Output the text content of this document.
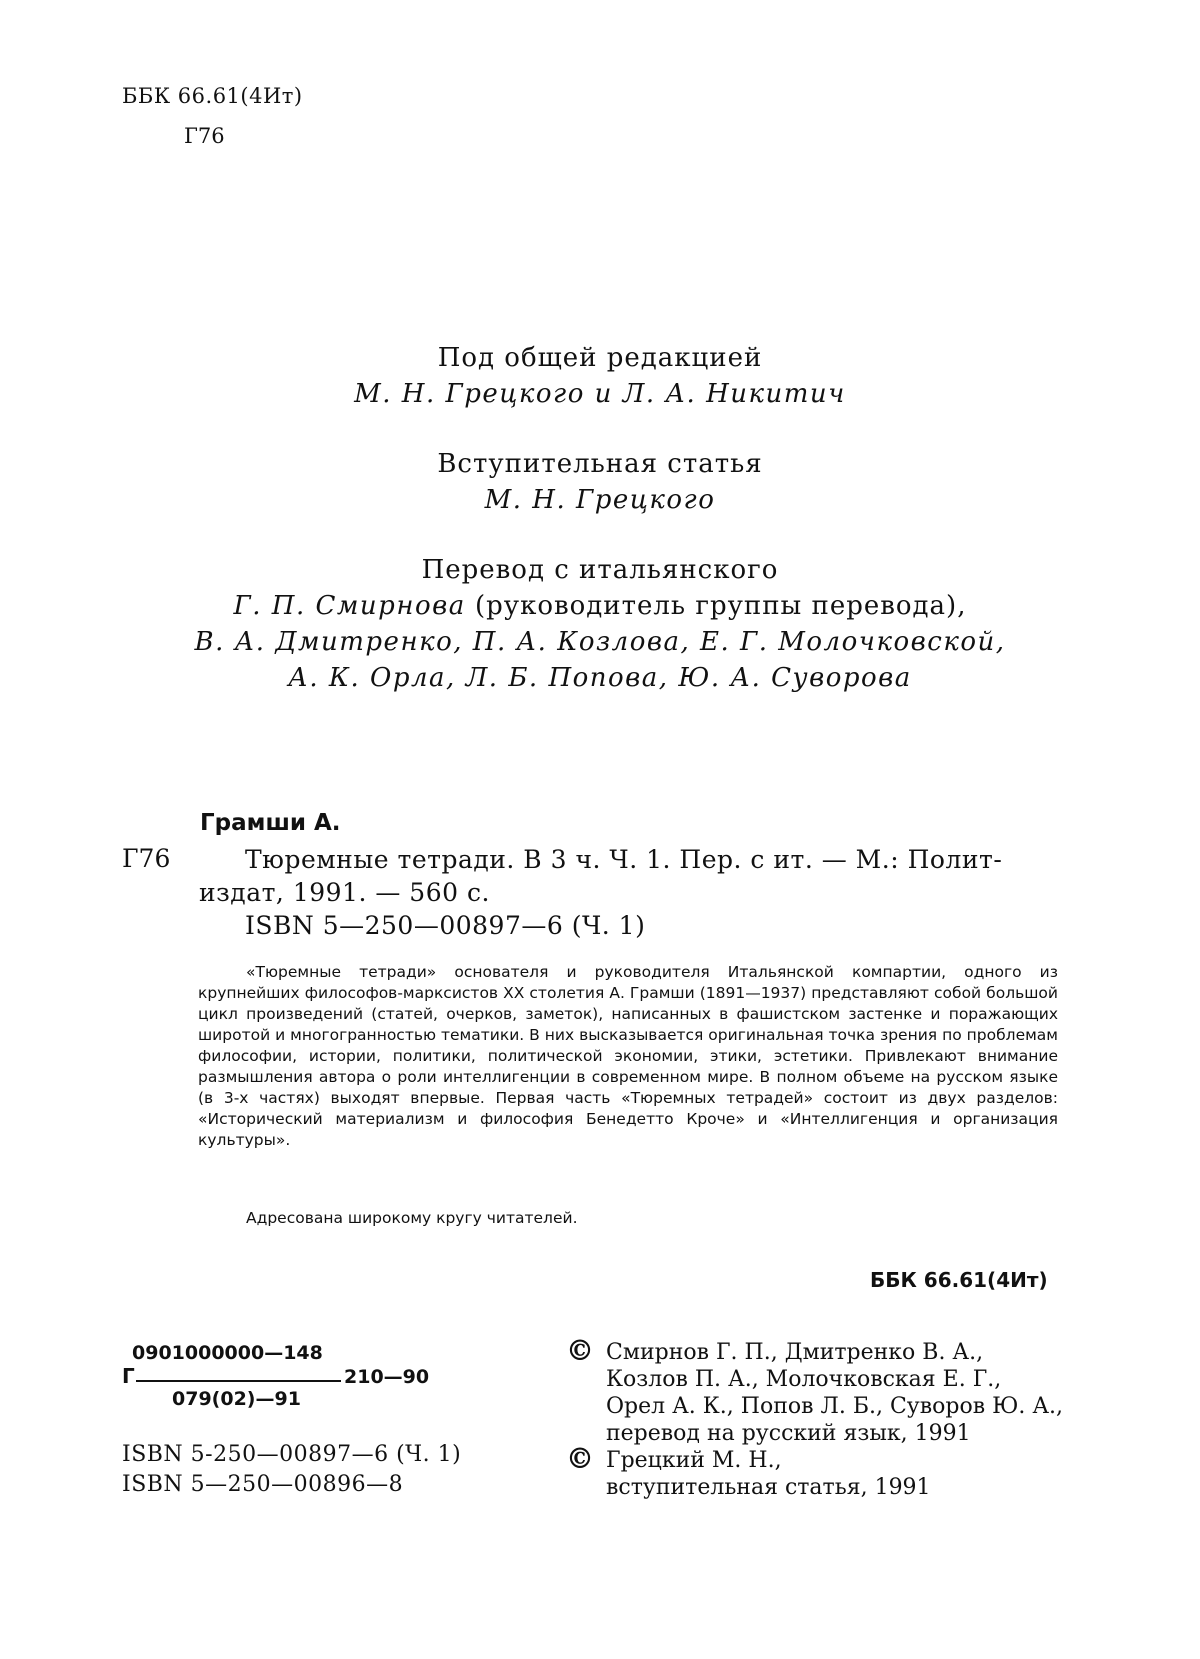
ББК 66.61(4Ит)
Г76
Под общей редакцией
М. Н. Грецкого и Л. А. Никитич
Вступительная статья
М. Н. Грецкого
Перевод с итальянского
Г. П. Смирнова (руководитель группы перевода),
В. А. Дмитренко, П. А. Козлова, Е. Г. Молочковской,
А. К. Орла, Л. Б. Попова, Ю. А. Суворова
Грамши А.
Г76	Тюремные тетради. В 3 ч. Ч. 1. Пер. с ит. — М.: Полит-
издат, 1991. — 560 с.
ISBN 5—250—00897—6 (Ч. 1)

«Тюремные тетради» основателя и руководителя Итальянской компартии, одного из крупнейших философов-марксистов XX столетия А. Грамши (1891—1937) представляют собой большой цикл произведений (статей, очерков, заметок), написанных в фашистском застенке и поражающих широтой и многогранностью тематики. В них высказывается оригинальная точка зрения по проблемам философии, истории, политики, политической экономии, этики, эстетики. Привлекают внимание размышления автора о роли интеллигенции в современном мире. В полном объеме на русском языке (в 3-х частях) выходят впервые. Первая часть «Тюремных тетрадей» состоит из двух разделов: «Исторический материализм и философия Бенедетто Кроче» и «Интеллигенция и организация культуры».

Адресована широкому кругу читателей.
ББК 66.61(4Ит)
0901000000—148
Г	210—90
079(02)—91
ISBN 5-250—00897—6 (Ч. 1)
ISBN 5—250—00896—8
© Смирнов Г. П., Дмитренко В. А.,
Козлов П. А., Молочковская Е. Г.,
Орел А. К., Попов Л. Б., Суворов Ю. А.,
перевод на русский язык, 1991
© Грецкий М. Н.,
вступительная статья, 1991
